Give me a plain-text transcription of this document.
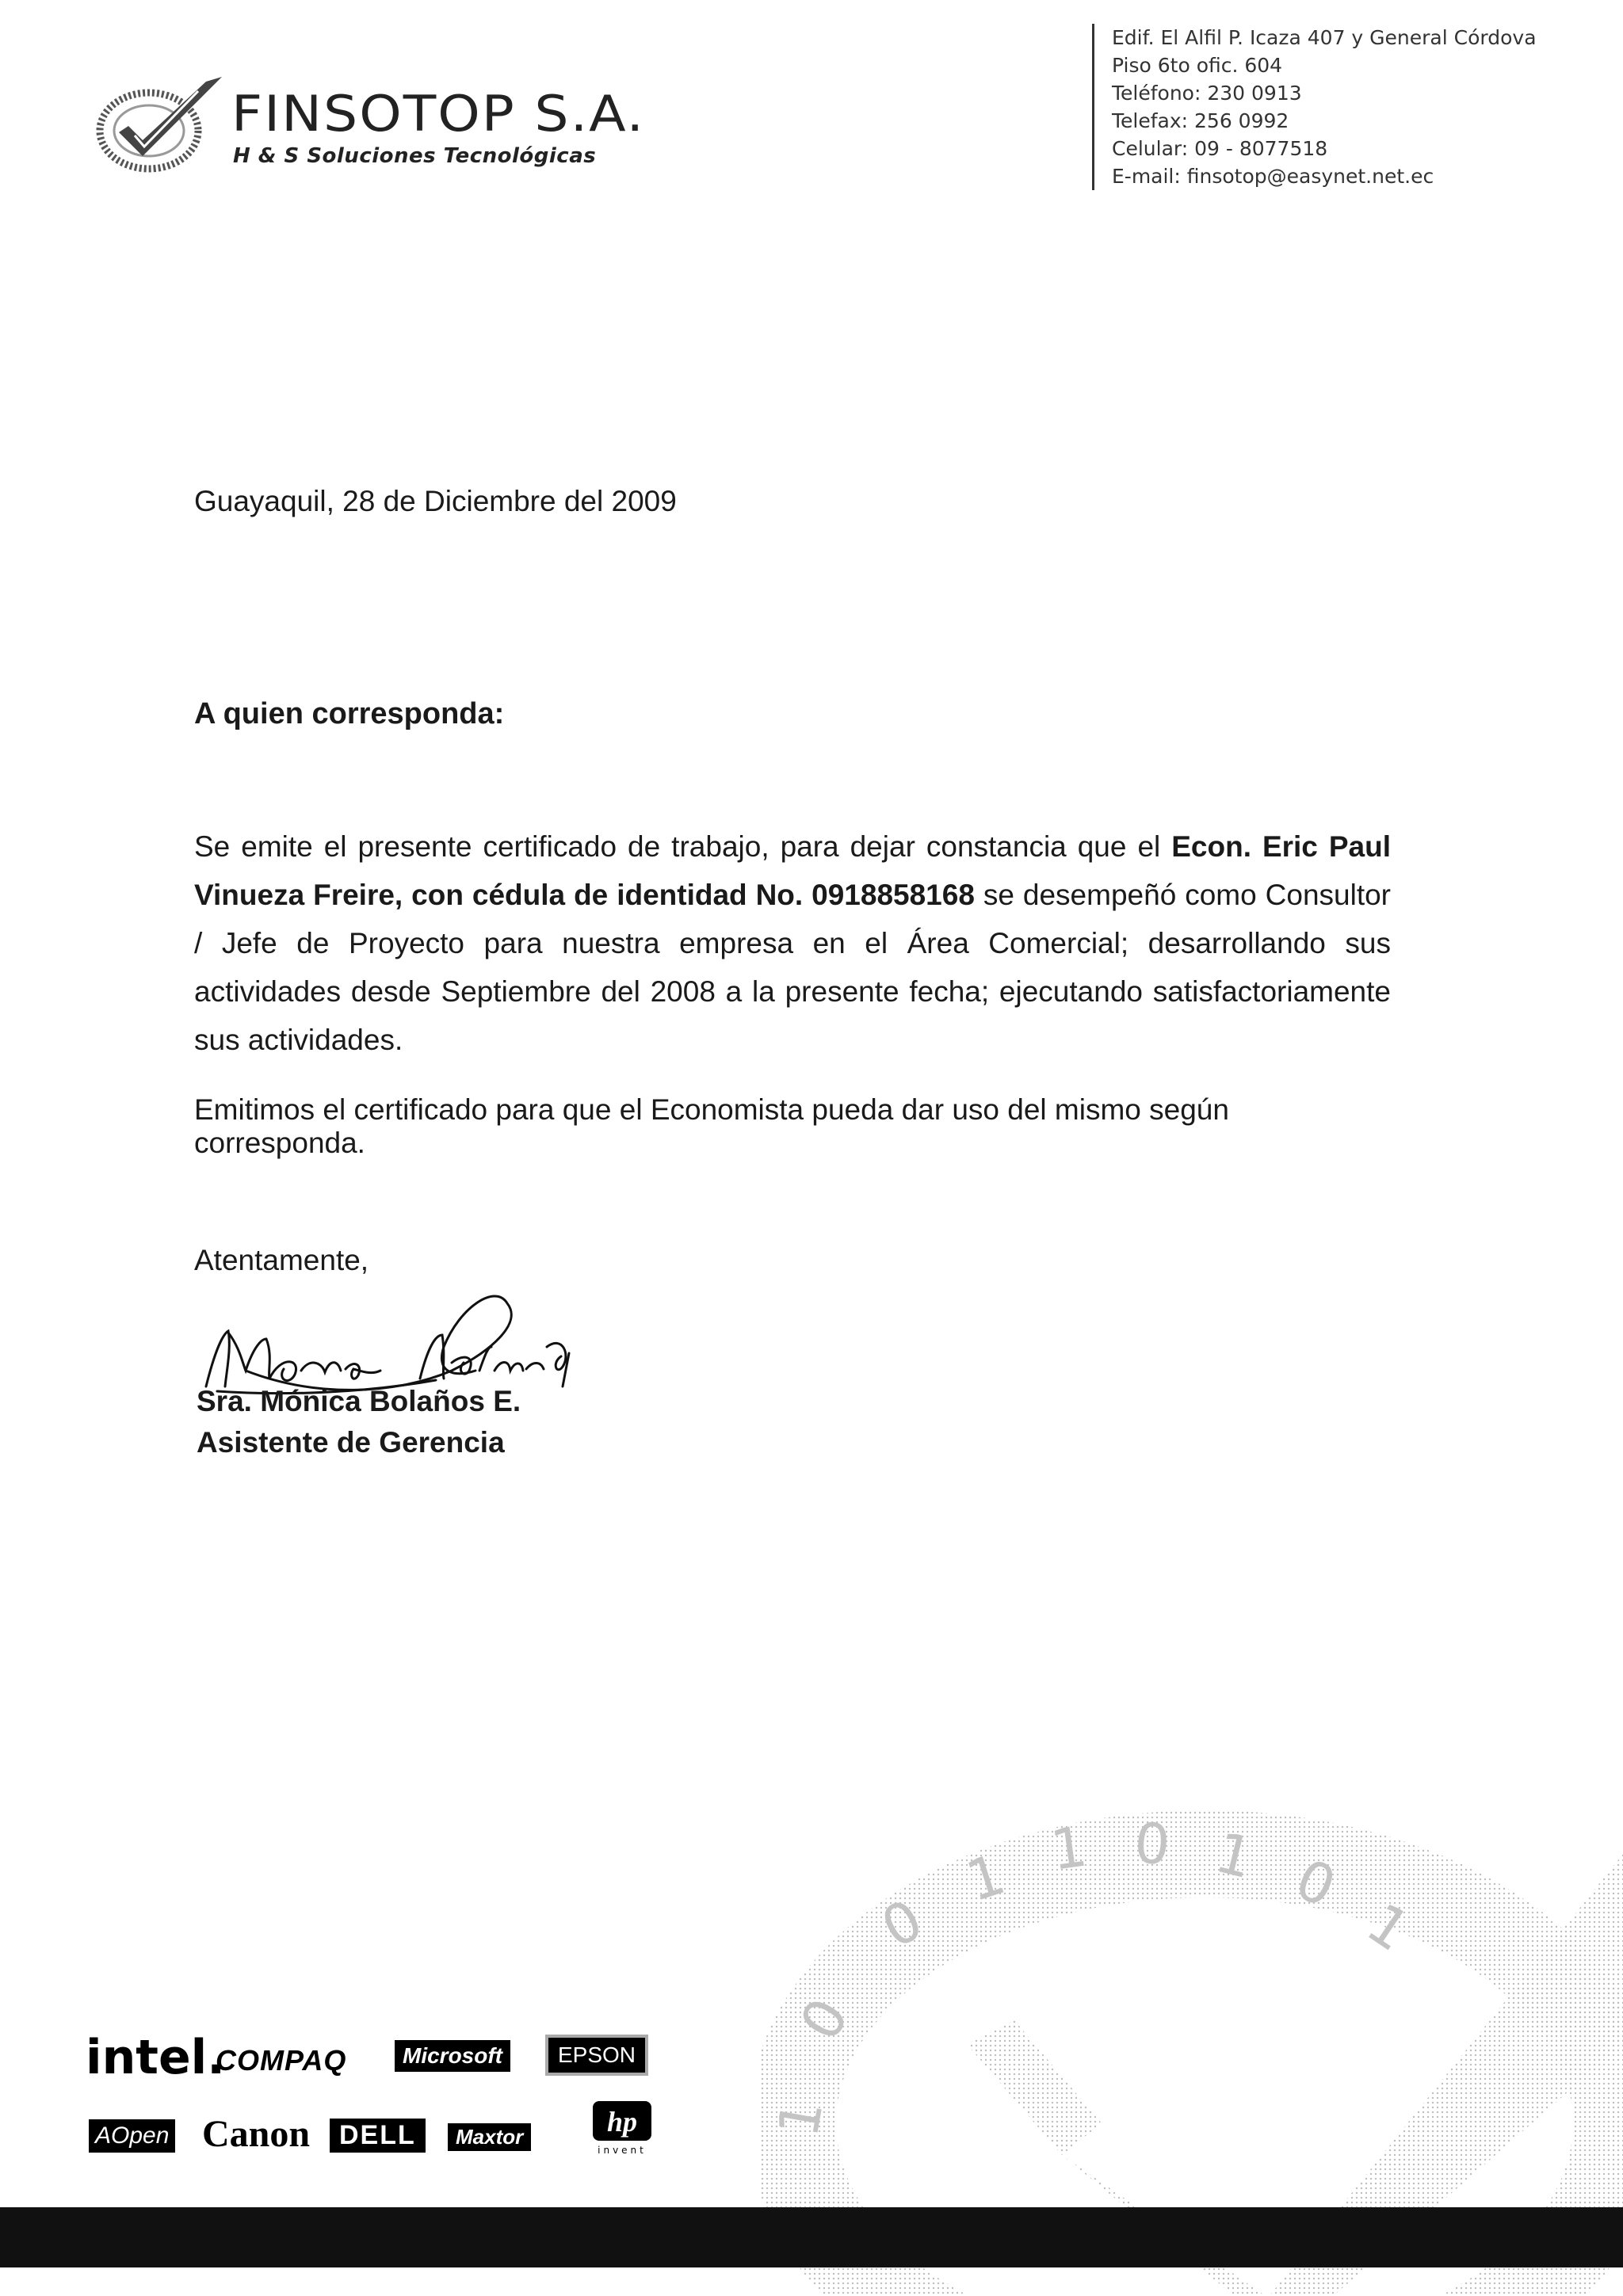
FINSOTOP S.A.
H & S Soluciones Tecnológicas
Edif. El Alfil P. Icaza 407 y General Córdova
Piso 6to ofic. 604
Teléfono: 230 0913
Telefax: 256 0992
Celular: 09 - 8077518
E-mail: finsotop@easynet.net.ec
Guayaquil, 28 de Diciembre del 2009
A quien corresponda:

Se emite el presente certificado de trabajo, para dejar constancia que el Econ. Eric Paul Vinueza Freire, con cédula de identidad No. 0918858168 se desempeñó como Consultor / Jefe de Proyecto para nuestra empresa en el Área Comercial; desarrollando sus actividades desde Septiembre del 2008 a la presente fecha; ejecutando satisfactoriamente sus actividades.

Emitimos el certificado para que el Economista pueda dar uso del mismo según corresponda.
Atentamente,
Sra. Mónica Bolaños E.
Asistente de Gerencia
0
1 1 0 1 0
1
0
1
intel.
COMPAQ	Microsoft	EPSON
AOpen Canon	DELL	Maxtor	hp
invent
